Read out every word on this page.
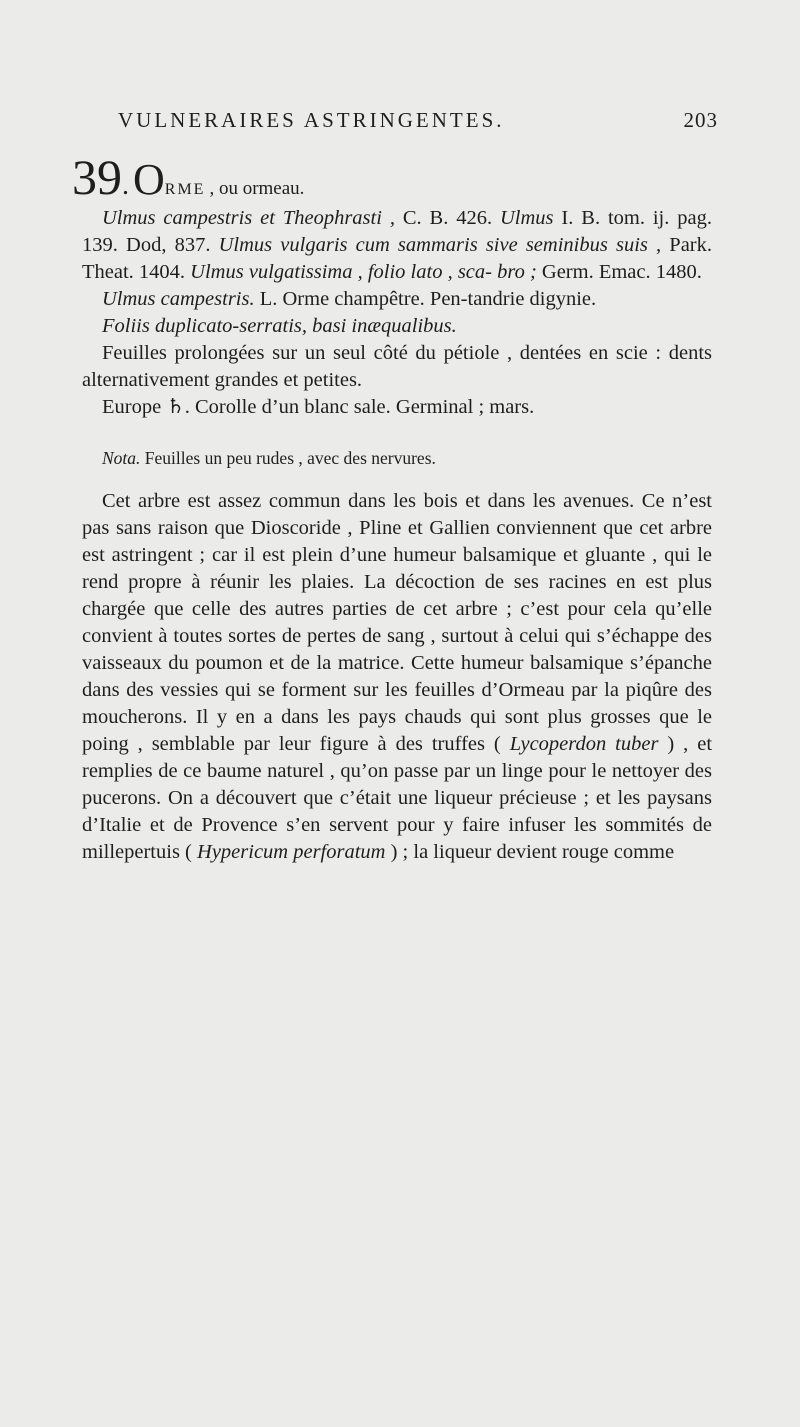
VULNERAIRES ASTRINGENTES.	203
39. ORME , ou ormeau.

Ulmus campestris et Theophrasti , C. B. 426. Ulmus I. B. tom. ij. pag. 139. Dod, 837. Ulmus vulgaris cum sammaris sive seminibus suis , Park. Theat. 1404. Ulmus vulgatissima , folio lato , sca- bro ; Germ. Emac. 1480.

Ulmus campestris. L. Orme champêtre. Pen-tandrie digynie.

Foliis duplicato-serratis, basi inæqualibus.

Feuilles prolongées sur un seul côté du pétiole , dentées en scie : dents alternativement grandes et petites.

Europe ♄. Corolle d’un blanc sale. Germinal ; mars.

Nota. Feuilles un peu rudes , avec des nervures.

Cet arbre est assez commun dans les bois et dans les avenues. Ce n’est pas sans raison que Dioscoride , Pline et Gallien conviennent que cet arbre est astringent ; car il est plein d’une humeur balsamique et gluante , qui le rend propre à réunir les plaies. La décoction de ses racines en est plus chargée que celle des autres parties de cet arbre ; c’est pour cela qu’elle convient à toutes sortes de pertes de sang , surtout à celui qui s’échappe des vaisseaux du poumon et de la matrice. Cette humeur balsamique s’épanche dans des vessies qui se forment sur les feuilles d’Ormeau par la piqûre des moucherons. Il y en a dans les pays chauds qui sont plus grosses que le poing , semblable par leur figure à des truffes ( Lycoperdon tuber ) , et remplies de ce baume naturel , qu’on passe par un linge pour le nettoyer des pucerons. On a découvert que c’était une liqueur précieuse ; et les paysans d’Italie et de Provence s’en servent pour y faire infuser les sommités de millepertuis ( Hypericum perforatum ) ; la liqueur devient rouge comme
